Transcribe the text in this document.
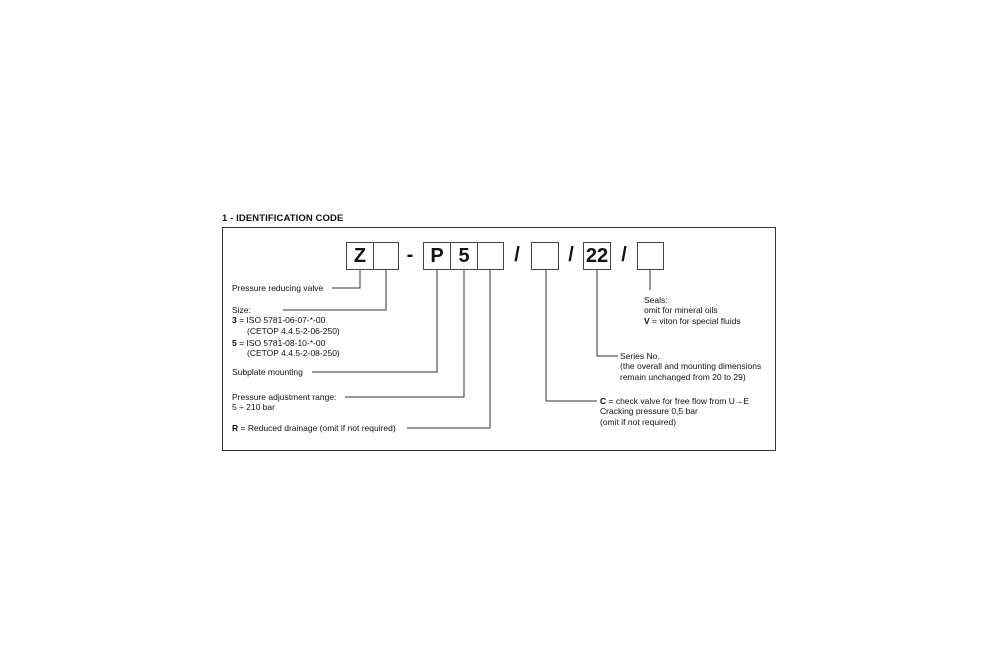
1 - IDENTIFICATION CODE
Z	- P 5	/	/ 22 /
Pressure reducing valve
Size:
3 = ISO 5781-06-07-*-00
(CETOP 4.4.5-2-06-250)
5 = ISO 5781-08-10-*-00
(CETOP 4.4.5-2-08-250)
Subplate mounting
Pressure adjustment range:
5 ÷ 210 bar
R = Reduced drainage (omit if not required)
Seals:
omit for mineral oils
V = viton for special fluids
Series No.
(the overall and mounting dimensions
remain unchanged from 20 to 29)
C = check valve for free flow from U→E
Cracking pressure 0,5 bar
(omit if not required)
